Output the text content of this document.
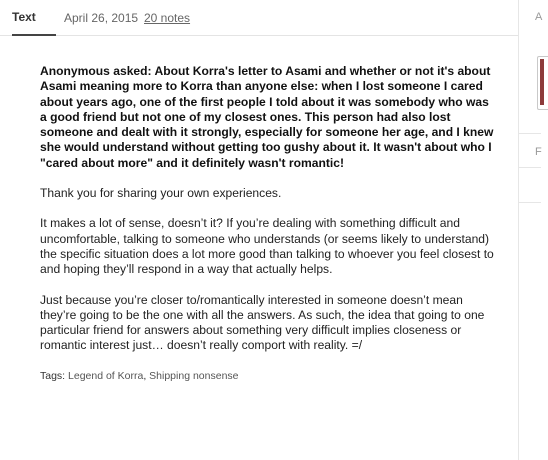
Text April 26, 2015 20 notes

Anonymous asked: About Korra's letter to Asami and whether or not it's about Asami meaning more to Korra than anyone else: when I lost someone I cared about years ago, one of the first people I told about it was somebody who was a good friend but not one of my closest ones. This person had also lost someone and dealt with it strongly, especially for someone her age, and I knew she would understand without getting too gushy about it. It wasn't about who I "cared about more" and it definitely wasn't romantic!

Thank you for sharing your own experiences.

It makes a lot of sense, doesn’t it? If you’re dealing with something difficult and uncomfortable, talking to someone who understands (or seems likely to understand) the specific situation does a lot more good than talking to whoever you feel closest to and hoping they’ll respond in a way that actually helps.

Just because you’re closer to/romantically interested in someone doesn’t mean they’re going to be the one with all the answers. As such, the idea that going to one particular friend for answers about something very difficult implies closeness or romantic interest just… doesn’t really comport with reality. =/

Tags: Legend of Korra, Shipping nonsense
A
F
